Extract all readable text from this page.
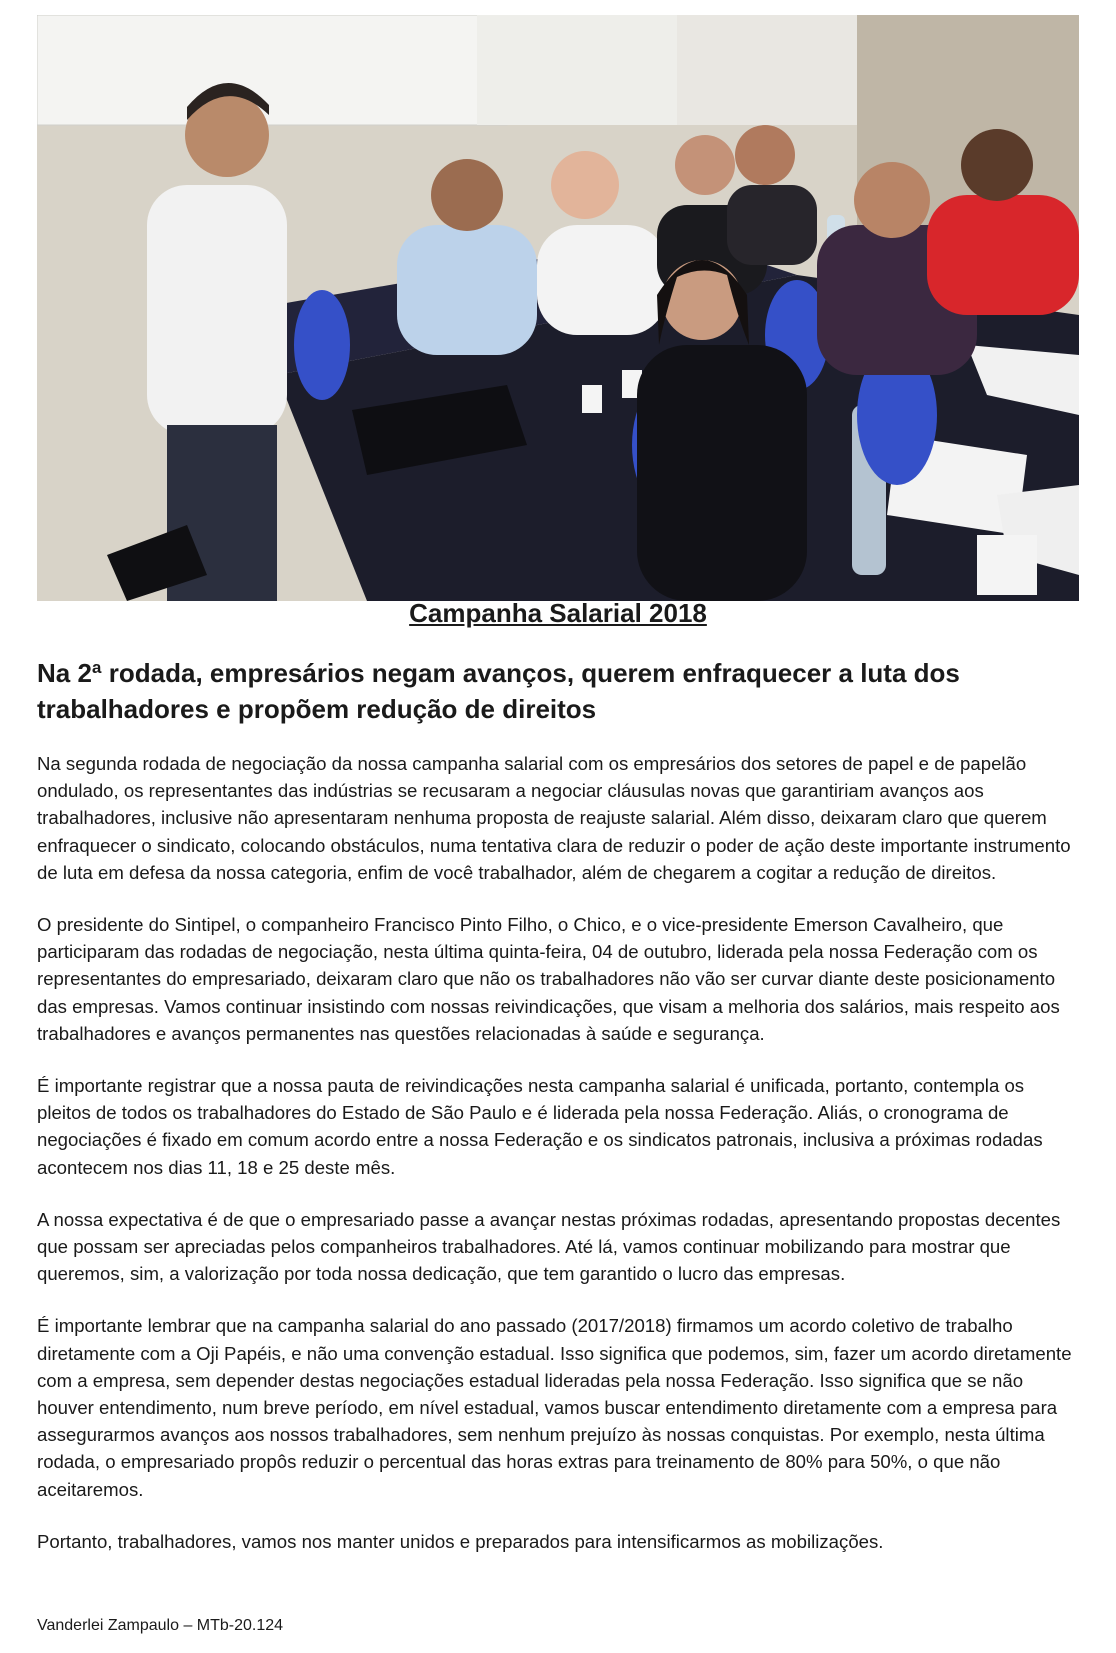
Campanha Salarial 2018
Na 2ª rodada, empresários negam avanços, querem enfraquecer a luta dos trabalhadores e propõem redução de direitos

Na segunda rodada de negociação da nossa campanha salarial com os empresários dos setores de papel e de papelão ondulado, os representantes das indústrias se recusaram a negociar cláusulas novas que garantiriam avanços aos trabalhadores, inclusive não apresentaram nenhuma proposta de reajuste salarial. Além disso, deixaram claro que querem enfraquecer o sindicato, colocando obstáculos, numa tentativa clara de reduzir o poder de ação deste importante instrumento de luta em defesa da nossa categoria, enfim de você trabalhador, além de chegarem a cogitar a redução de direitos.

O presidente do Sintipel, o companheiro Francisco Pinto Filho, o Chico, e o vice-presidente Emerson Cavalheiro, que participaram das rodadas de negociação, nesta última quinta-feira, 04 de outubro, liderada pela nossa Federação com os representantes do empresariado, deixaram claro que não os trabalhadores não vão ser curvar diante deste posicionamento das empresas. Vamos continuar insistindo com nossas reivindicações, que visam a melhoria dos salários, mais respeito aos trabalhadores e avanços permanentes nas questões relacionadas à saúde e segurança.

É importante registrar que a nossa pauta de reivindicações nesta campanha salarial é unificada, portanto, contempla os pleitos de todos os trabalhadores do Estado de São Paulo e é liderada pela nossa Federação. Aliás, o cronograma de negociações é fixado em comum acordo entre a nossa Federação e os sindicatos patronais, inclusiva a próximas rodadas acontecem nos dias 11, 18 e 25 deste mês.

A nossa expectativa é de que o empresariado passe a avançar nestas próximas rodadas, apresentando propostas decentes que possam ser apreciadas pelos companheiros trabalhadores. Até lá, vamos continuar mobilizando para mostrar que queremos, sim, a valorização por toda nossa dedicação, que tem garantido o lucro das empresas.

É importante lembrar que na campanha salarial do ano passado (2017/2018) firmamos um acordo coletivo de trabalho diretamente com a Oji Papéis, e não uma convenção estadual. Isso significa que podemos, sim, fazer um acordo diretamente com a empresa, sem depender destas negociações estadual lideradas pela nossa Federação. Isso significa que se não houver entendimento, num breve período, em nível estadual, vamos buscar entendimento diretamente com a empresa para assegurarmos avanços aos nossos trabalhadores, sem nenhum prejuízo às nossas conquistas. Por exemplo, nesta última rodada, o empresariado propôs reduzir o percentual das horas extras para treinamento de 80% para 50%, o que não aceitaremos.

Portanto, trabalhadores, vamos nos manter unidos e preparados para intensificarmos as mobilizações.

Vanderlei Zampaulo – MTb-20.124
